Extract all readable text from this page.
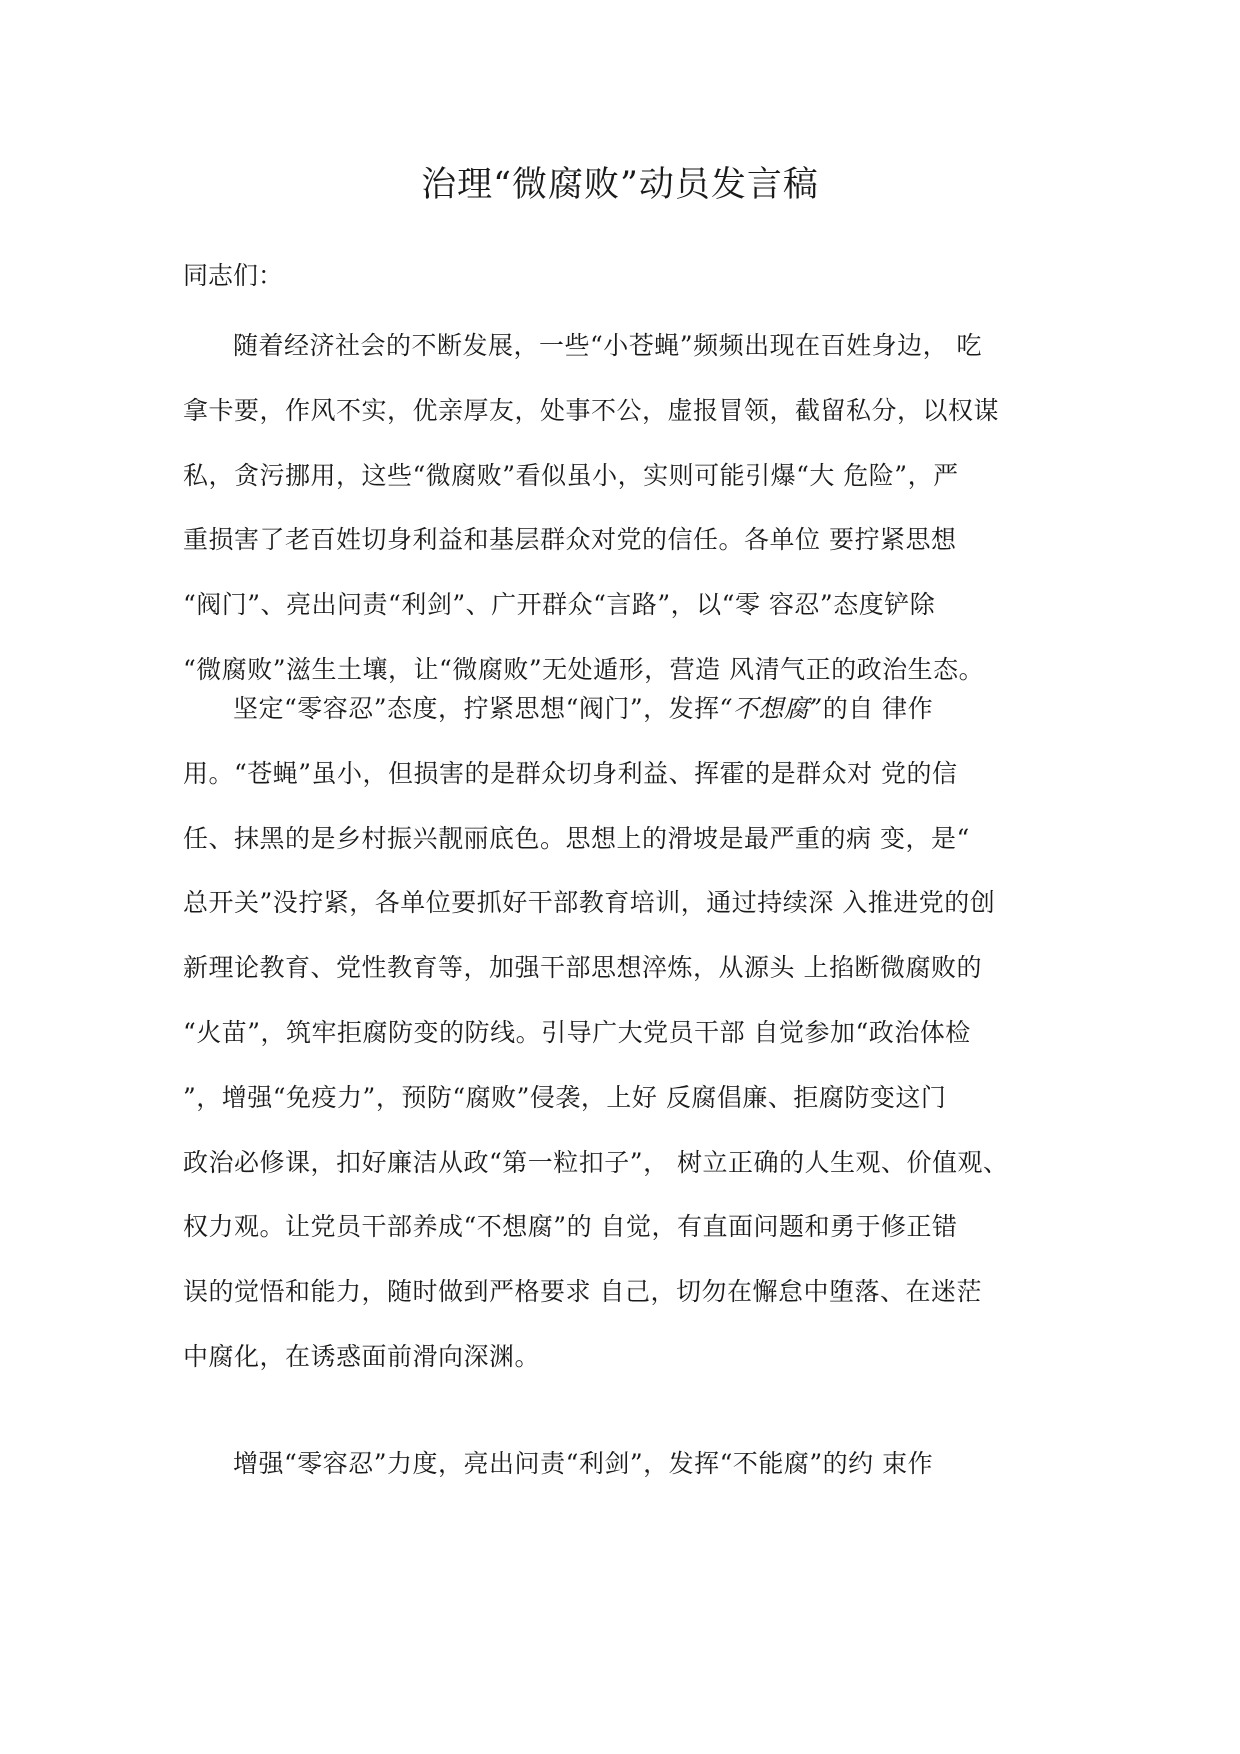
治理“微腐败”动员发言稿

同志们：

随着经济社会的不断发展，一些“小苍蝇”频频出现在百姓身边， 吃
拿卡要，作风不实，优亲厚友，处事不公，虚报冒领，截留私分，以权谋
私，贪污挪用，这些“微腐败”看似虽小，实则可能引爆“大 危险”，严
重损害了老百姓切身利益和基层群众对党的信任。各单位 要拧紧思想
“阀门”、亮出问责“利剑”、广开群众“言路”，以“零 容忍”态度铲除
“微腐败”滋生土壤，让“微腐败”无处遁形，营造 风清气正的政治生态。
坚定“零容忍”态度，拧紧思想“阀门”，发挥“不想腐”的自 律作
用。“苍蝇”虽小，但损害的是群众切身利益、挥霍的是群众对 党的信
任、抹黑的是乡村振兴靓丽底色。思想上的滑坡是最严重的病 变，是“
总开关”没拧紧，各单位要抓好干部教育培训，通过持续深 入推进党的创
新理论教育、党性教育等，加强干部思想淬炼，从源头 上掐断微腐败的
“火苗”，筑牢拒腐防变的防线。引导广大党员干部 自觉参加“政治体检
”，增强“免疫力”，预防“腐败”侵袭，上好 反腐倡廉、拒腐防变这门
政治必修课，扣好廉洁从政“第一粒扣子”， 树立正确的人生观、价值观、
权力观。让党员干部养成“不想腐”的 自觉，有直面问题和勇于修正错
误的觉悟和能力，随时做到严格要求 自己，切勿在懈怠中堕落、在迷茫
中腐化，在诱惑面前滑向深渊。
增强“零容忍”力度，亮出问责“利剑”，发挥“不能腐”的约 束作
